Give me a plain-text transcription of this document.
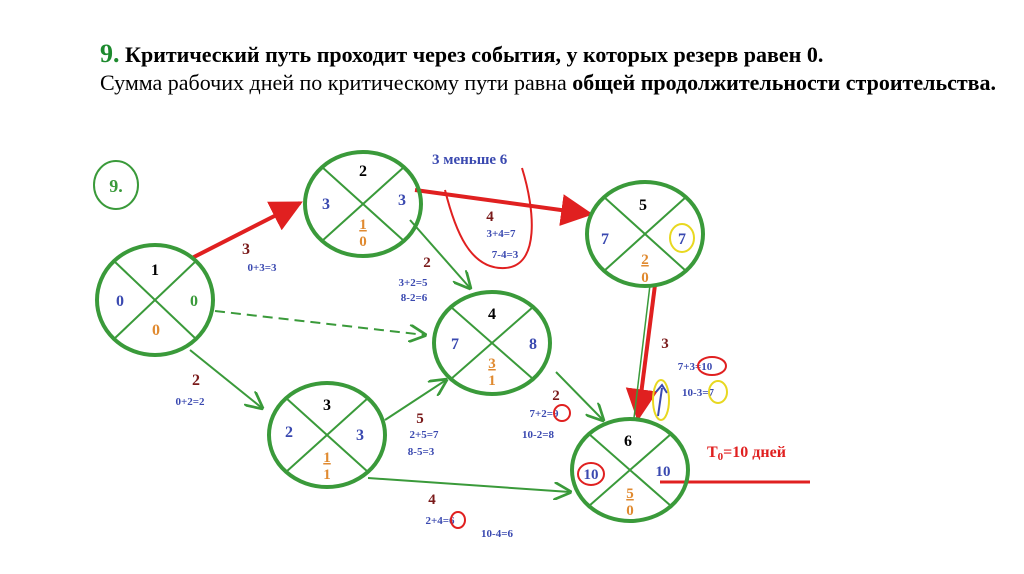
9. Критический путь проходит через события, у которых резерв равен 0.
Сумма рабочих дней по критическому пути равна общей продолжительности строительства.
9.
1
0	0
0
2
3	3
1
0
3
2	3
1
1
4
7	8
3
1
5
7	7
2
0
6
10	10
5
0
3
0+3=3
2
0+2=2
4
3+4=7
7-4=3
2
3+2=5
8-2=6
5
2+5=7
8-5=3
2
7+2=9
10-2=8
3
7+3=10
10-3=7
4
2+4=6
10-4=6
3 меньше 6
T0=10 дней
